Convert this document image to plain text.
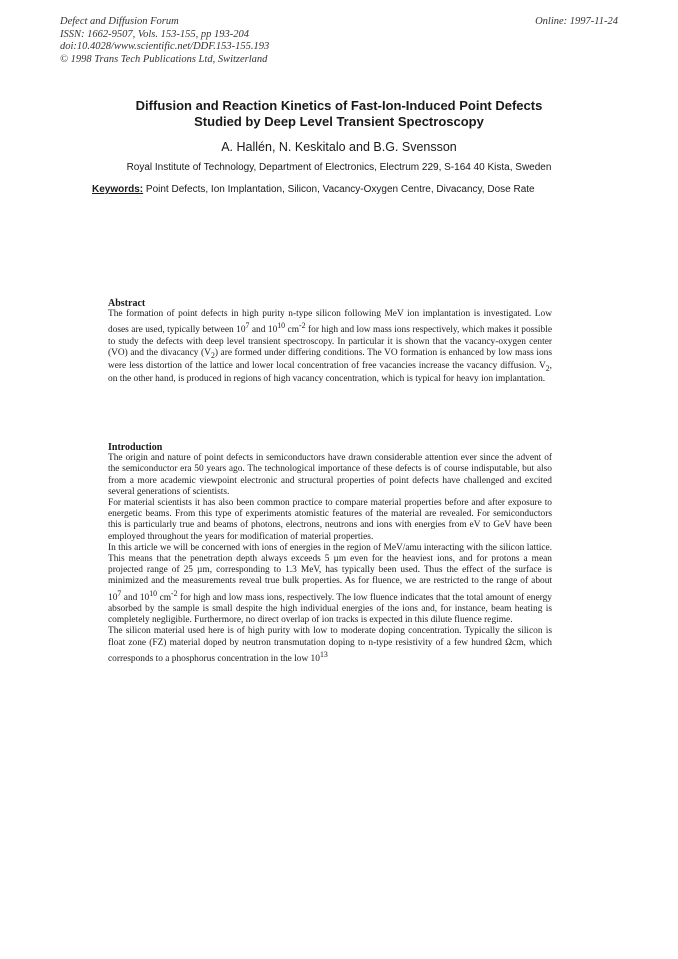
Defect and Diffusion Forum
ISSN: 1662-9507, Vols. 153-155, pp 193-204
doi:10.4028/www.scientific.net/DDF.153-155.193
© 1998 Trans Tech Publications Ltd, Switzerland
Online: 1997-11-24
Diffusion and Reaction Kinetics of Fast-Ion-Induced Point Defects
Studied by Deep Level Transient Spectroscopy
A. Hallén, N. Keskitalo and B.G. Svensson
Royal Institute of Technology, Department of Electronics, Electrum 229, S-164 40 Kista, Sweden
Keywords: Point Defects, Ion Implantation, Silicon, Vacancy-Oxygen Centre, Divacancy, Dose Rate
Abstract
The formation of point defects in high purity n-type silicon following MeV ion implantation is investigated. Low doses are used, typically between $10^7$ and $10^{10}$ $cm^{-2}$ for high and low mass ions respectively, which makes it possible to study the defects with deep level transient spectroscopy. In particular it is shown that the vacancy-oxygen center (VO) and the divacancy $(V_2)$ are formed under differing conditions. The VO formation is enhanced by low mass ions were less distortion of the lattice and lower local concentration of free vacancies increase the vacancy diffusion. $V_2$, on the other hand, is produced in regions of high vacancy concentration, which is typical for heavy ion implantation.
Introduction
The origin and nature of point defects in semiconductors have drawn considerable attention ever since the advent of the semiconductor era 50 years ago. The technological importance of these defects is of course indisputable, but also from a more academic viewpoint electronic and structural properties of point defects have challenged and excited several generations of scientists.
For material scientists it has also been common practice to compare material properties before and after exposure to energetic beams. From this type of experiments atomistic features of the material are revealed. For semiconductors this is particularly true and beams of photons, electrons, neutrons and ions with energies from eV to GeV have been employed throughout the years for modification of material properties.
In this article we will be concerned with ions of energies in the region of MeV/amu interacting with the silicon lattice. This means that the penetration depth always exceeds 5 µm even for the heaviest ions, and for protons a mean projected range of 25 µm, corresponding to 1.3 MeV, has typically been used. Thus the effect of the surface is minimized and the measurements reveal true bulk properties. As for fluence, we are restricted to the range of about $10^7$ and $10^{10}$ $cm^{-2}$ for high and low mass ions, respectively. The low fluence indicates that the total amount of energy absorbed by the sample is small despite the high individual energies of the ions and, for instance, beam heating is completely negligible. Furthermore, no direct overlap of ion tracks is expected in this dilute fluence regime.
The silicon material used here is of high purity with low to moderate doping concentration. Typically the silicon is float zone (FZ) material doped by neutron transmutation doping to n-type resistivity of a few hundred Ωcm, which corresponds to a phosphorus concentration in the low $10^{13}$
